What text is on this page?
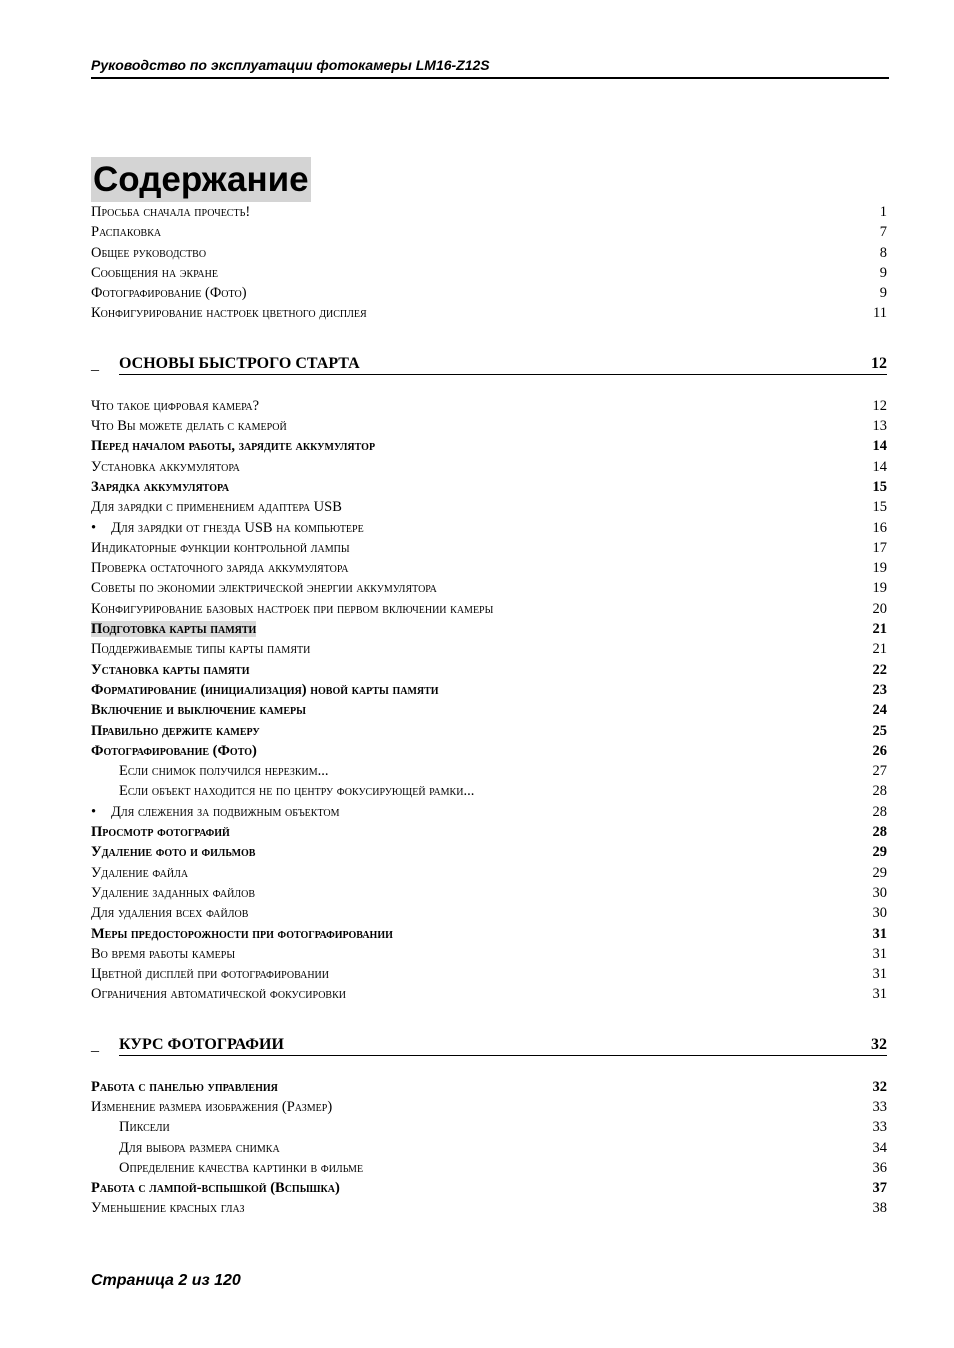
Руководство по эксплуатации фотокамеры LM16-Z12S
Содержание
Просьба сначала прочесть!	1
Распаковка	7
Общее руководство	8
Сообщения на экране	9
Фотографирование (Фото)	9
Конфигурирование настроек цветного дисплея	11
_	ОСНОВЫ БЫСТРОГО СТАРТА	12
Что такое цифровая камера?	12
Что Вы можете делать с камерой	13
Перед началом работы, зарядите аккумулятор	14
Установка аккумулятора	14
Зарядка аккумулятора	15
Для зарядки с применением адаптера USB	15
• Для зарядки от гнезда USB на компьютере	16
Индикаторные функции контрольной лампы	17
Проверка остаточного заряда аккумулятора	19
Советы по экономии электрической энергии аккумулятора	19
Конфигурирование базовых настроек при первом включении камеры	20
Подготовка карты памяти	21
Поддерживаемые типы карты памяти	21
Установка карты памяти	22
Форматирование (инициализация) новой карты памяти	23
Включение и выключение камеры	24
Правильно держите камеру	25
Фотографирование (Фото)	26
Если снимок получился нерезким...	27
Если объект находится не по центру фокусирующей рамки...	28
• Для слежения за подвижным объектом	28
Просмотр фотографий	28
Удаление фото и фильмов	29
Удаление файла	29
Удаление заданных файлов	30
Для удаления всех файлов	30
Меры предосторожности при фотографировании	31
Во время работы камеры	31
Цветной дисплей при фотографировании	31
Ограничения автоматической фокусировки	31
_	КУРС ФОТОГРАФИИ	32
Работа с панелью управления	32
Изменение размера изображения (Размер)	33
Пиксели	33
Для выбора размера снимка	34
Определение качества картинки в фильме	36
Работа с лампой-вспышкой (Вспышка)	37
Уменьшение красных глаз	38
Страница 2 из 120
